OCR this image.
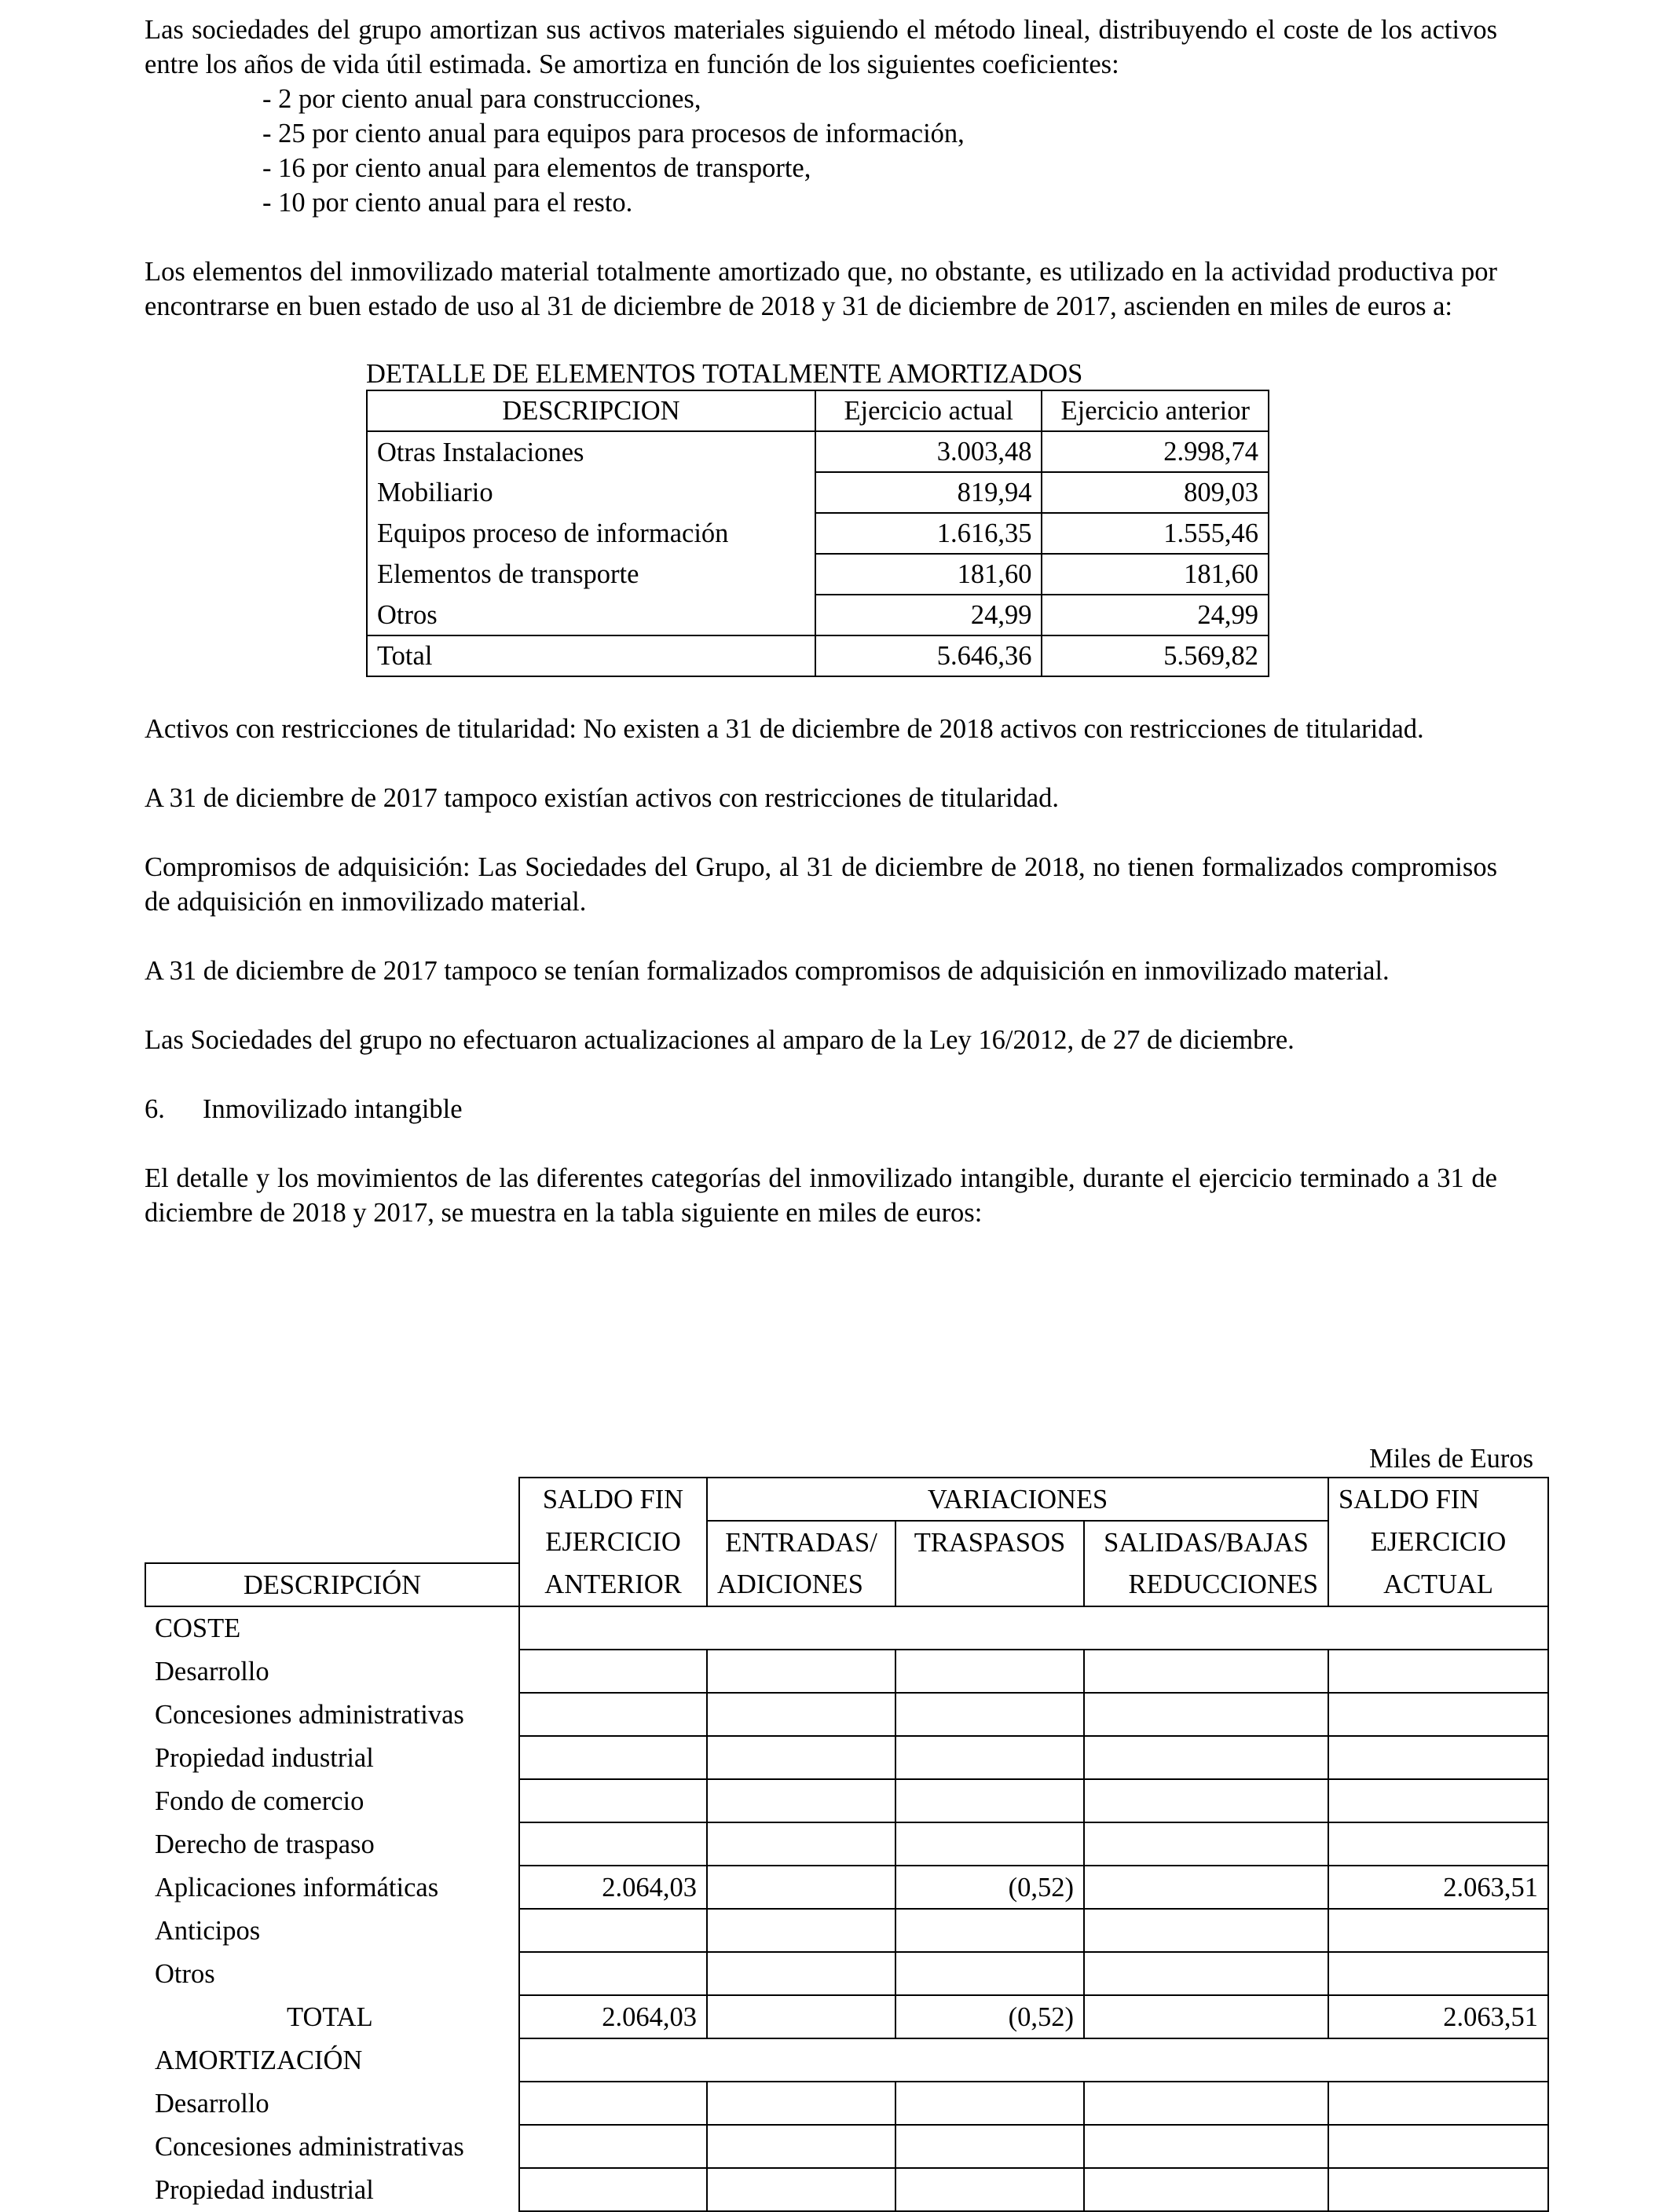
Las sociedades del grupo amortizan sus activos materiales siguiendo el método lineal, distribuyendo el coste de los activos entre los años de vida útil estimada. Se amortiza en función de los siguientes coeficientes:

- 2 por ciento anual para construcciones,
- 25 por ciento anual para equipos para procesos de información,
- 16 por ciento anual para elementos de transporte,
- 10 por ciento anual para el resto.

Los elementos del inmovilizado material totalmente amortizado que, no obstante, es utilizado en la actividad productiva por encontrarse en buen estado de uso al 31 de diciembre de 2018 y 31 de diciembre de 2017, ascienden en miles de euros a:

DETALLE DE ELEMENTOS TOTALMENTE AMORTIZADOS
DESCRIPCION	Ejercicio actual	Ejercicio anterior
Otras Instalaciones	3.003,48	2.998,74
Mobiliario	819,94	809,03
Equipos proceso de información	1.616,35	1.555,46
Elementos de transporte	181,60	181,60
Otros	24,99	24,99
Total	5.646,36	5.569,82

Activos con restricciones de titularidad: No existen a 31 de diciembre de 2018 activos con restricciones de titularidad.

A 31 de diciembre de 2017 tampoco existían activos con restricciones de titularidad.

Compromisos de adquisición: Las Sociedades del Grupo, al 31 de diciembre de 2018, no tienen formalizados compromisos de adquisición en inmovilizado material.

A 31 de diciembre de 2017 tampoco se tenían formalizados compromisos de adquisición en inmovilizado material.

Las Sociedades del grupo no efectuaron actualizaciones al amparo de la Ley 16/2012, de 27 de diciembre.

6. Inmovilizado intangible

El detalle y los movimientos de las diferentes categorías del inmovilizado intangible, durante el ejercicio terminado a 31 de diciembre de 2018 y 2017, se muestra en la tabla siguiente en miles de euros:

Miles de Euros
	SALDO FIN	VARIACIONES			SALDO FIN
	EJERCICIO	ENTRADAS/	TRASPASOS	SALIDAS/BAJAS	EJERCICIO
DESCRIPCIÓN	ANTERIOR	ADICIONES		REDUCCIONES	ACTUAL
COSTE					
Desarrollo					
Concesiones administrativas					
Propiedad industrial					
Fondo de comercio					
Derecho de traspaso					
Aplicaciones informáticas	2.064,03		(0,52)		2.063,51
Anticipos					
Otros					
TOTAL	2.064,03		(0,52)		2.063,51
AMORTIZACIÓN					
Desarrollo					
Concesiones administrativas					
Propiedad industrial					
